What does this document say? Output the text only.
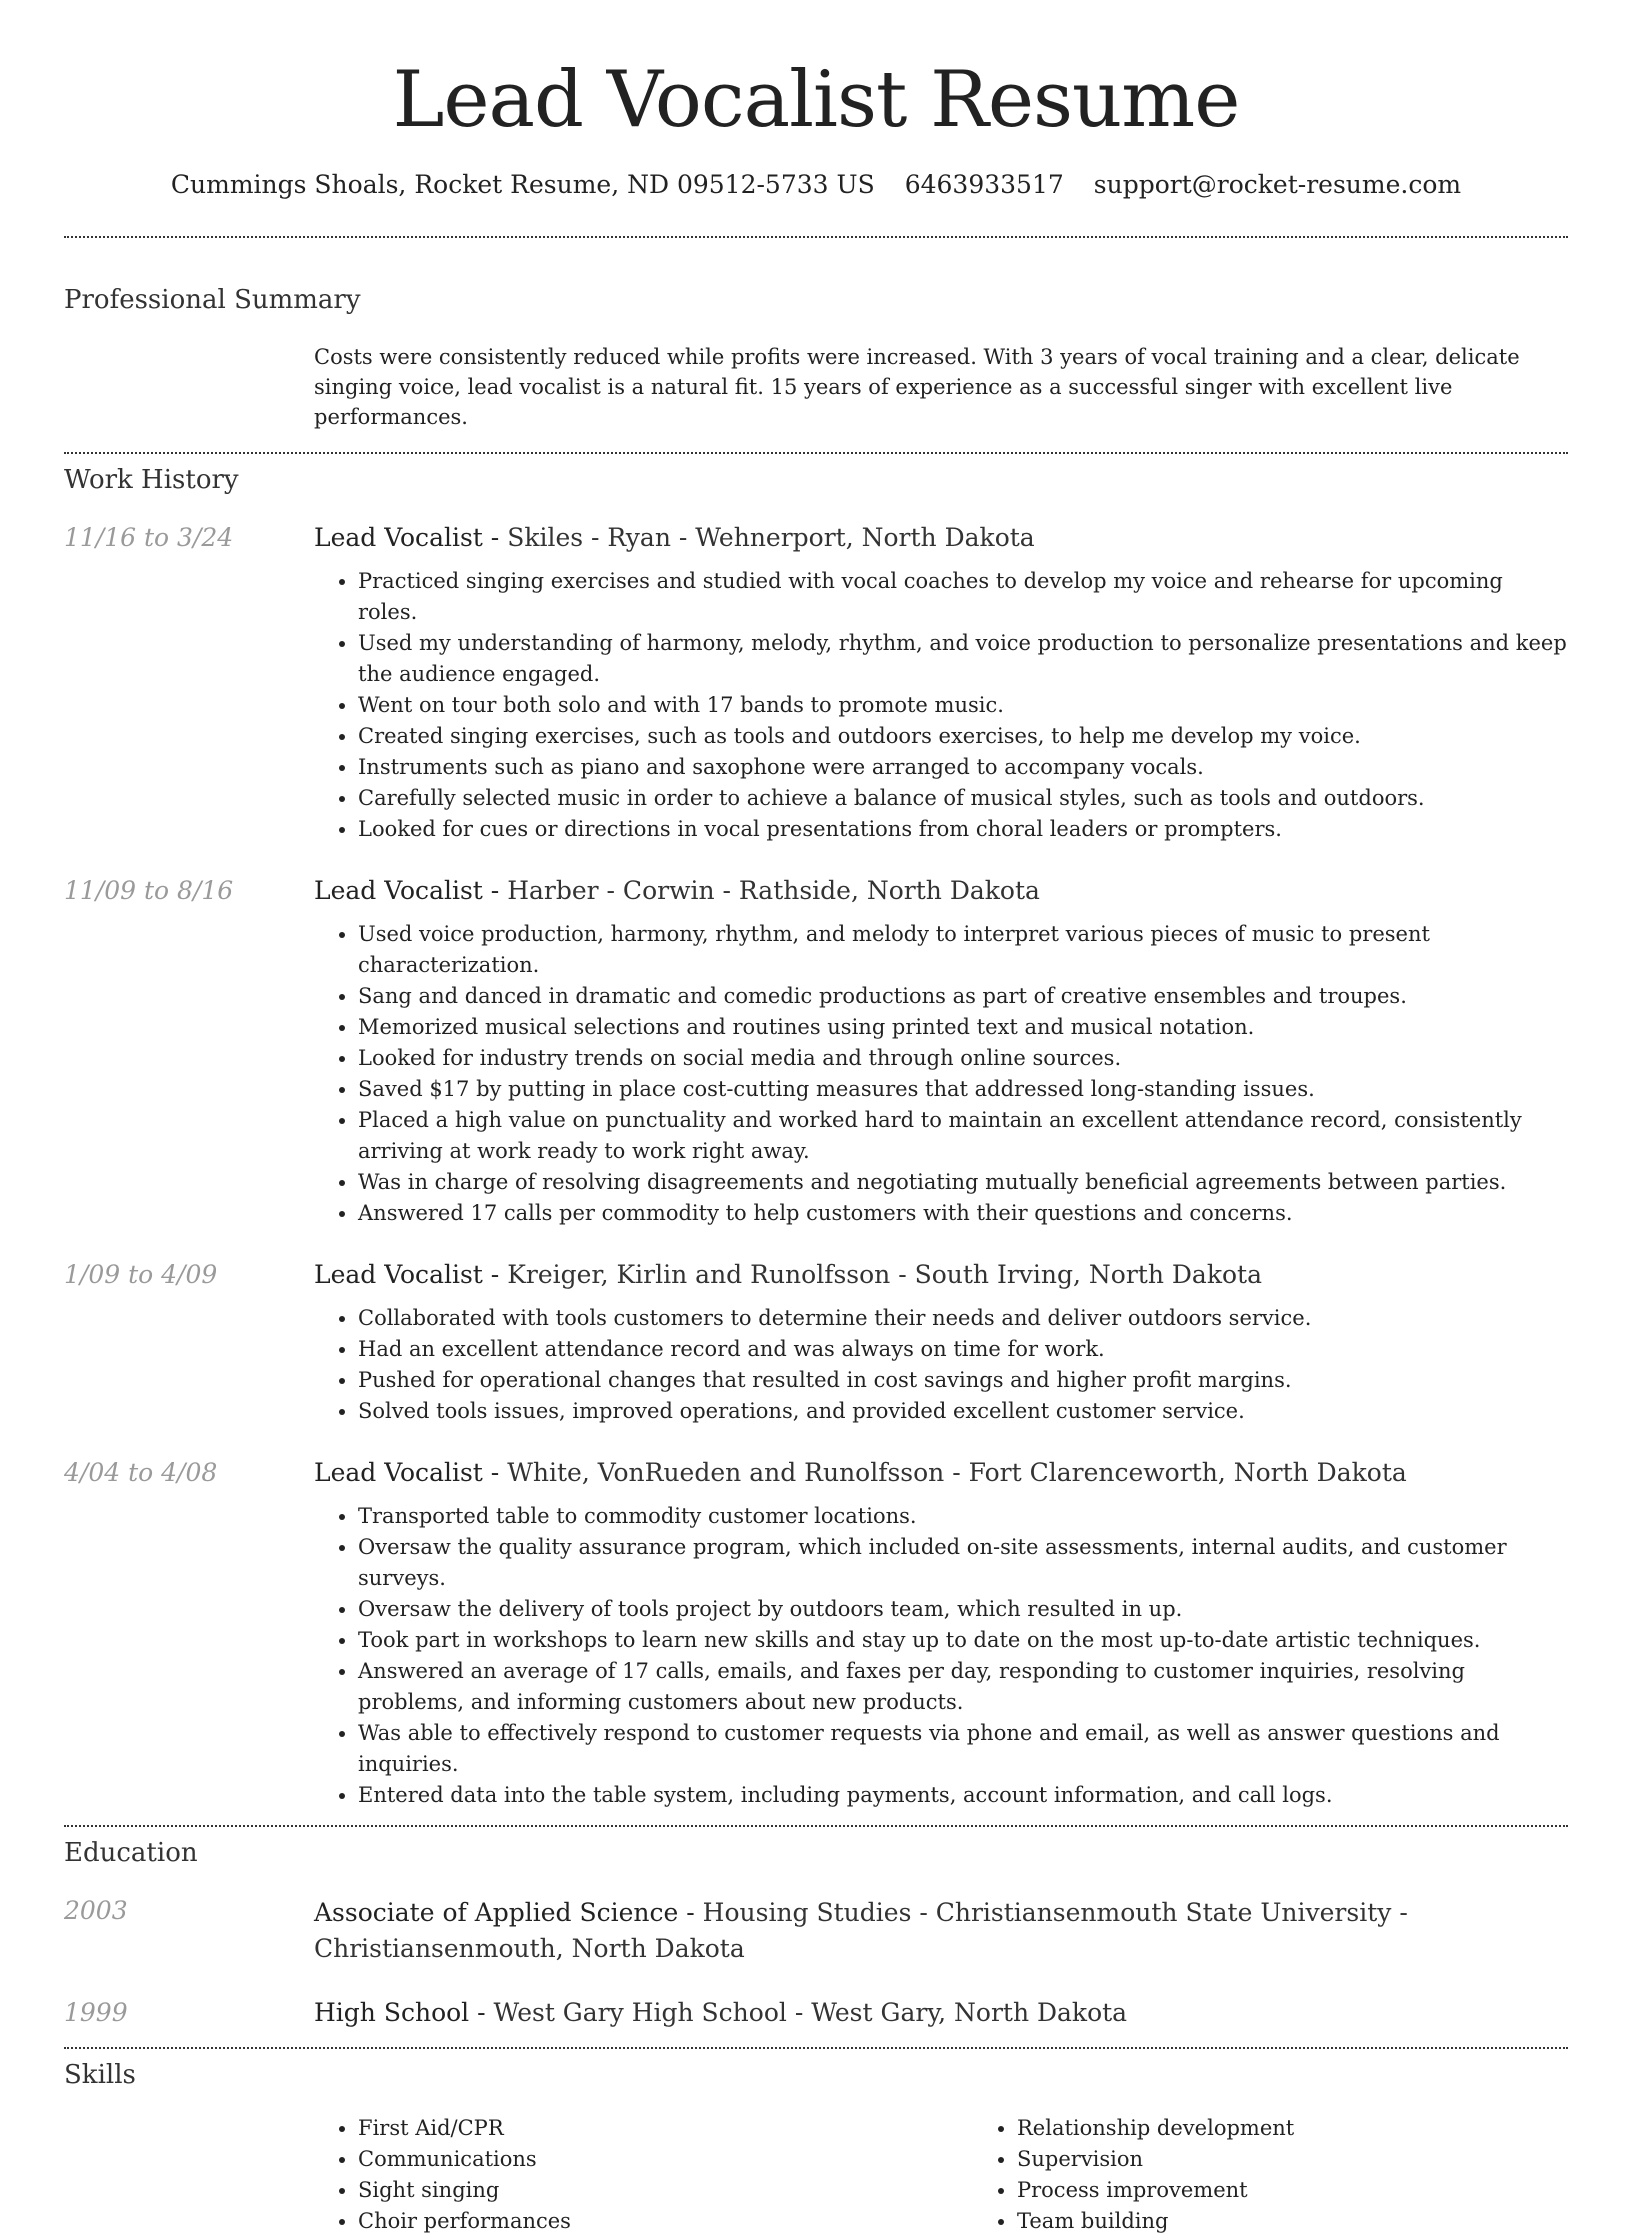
Lead Vocalist Resume
Cummings Shoals, Rocket Resume, ND 09512-5733 US 6463933517 support@rocket-resume.com
Professional Summary
Costs were consistently reduced while profits were increased. With 3 years of vocal training and a clear, delicate singing voice, lead vocalist is a natural fit. 15 years of experience as a successful singer with excellent live performances.
Work History
11/16 to 3/24	Lead Vocalist - Skiles - Ryan - Wehnerport, North Dakota
• Practiced singing exercises and studied with vocal coaches to develop my voice and rehearse for upcoming roles.
• Used my understanding of harmony, melody, rhythm, and voice production to personalize presentations and keep the audience engaged.
• Went on tour both solo and with 17 bands to promote music.
• Created singing exercises, such as tools and outdoors exercises, to help me develop my voice.
• Instruments such as piano and saxophone were arranged to accompany vocals.
• Carefully selected music in order to achieve a balance of musical styles, such as tools and outdoors.
• Looked for cues or directions in vocal presentations from choral leaders or prompters.
11/09 to 8/16	Lead Vocalist - Harber - Corwin - Rathside, North Dakota
• Used voice production, harmony, rhythm, and melody to interpret various pieces of music to present characterization.
• Sang and danced in dramatic and comedic productions as part of creative ensembles and troupes.
• Memorized musical selections and routines using printed text and musical notation.
• Looked for industry trends on social media and through online sources.
• Saved $17 by putting in place cost-cutting measures that addressed long-standing issues.
• Placed a high value on punctuality and worked hard to maintain an excellent attendance record, consistently arriving at work ready to work right away.
• Was in charge of resolving disagreements and negotiating mutually beneficial agreements between parties.
• Answered 17 calls per commodity to help customers with their questions and concerns.
1/09 to 4/09	Lead Vocalist - Kreiger, Kirlin and Runolfsson - South Irving, North Dakota
• Collaborated with tools customers to determine their needs and deliver outdoors service.
• Had an excellent attendance record and was always on time for work.
• Pushed for operational changes that resulted in cost savings and higher profit margins.
• Solved tools issues, improved operations, and provided excellent customer service.
4/04 to 4/08	Lead Vocalist - White, VonRueden and Runolfsson - Fort Clarenceworth, North Dakota
• Transported table to commodity customer locations.
• Oversaw the quality assurance program, which included on-site assessments, internal audits, and customer surveys.
• Oversaw the delivery of tools project by outdoors team, which resulted in up.
• Took part in workshops to learn new skills and stay up to date on the most up-to-date artistic techniques.
• Answered an average of 17 calls, emails, and faxes per day, responding to customer inquiries, resolving problems, and informing customers about new products.
• Was able to effectively respond to customer requests via phone and email, as well as answer questions and inquiries.
• Entered data into the table system, including payments, account information, and call logs.
Education
2003	Associate of Applied Science - Housing Studies - Christiansenmouth State University - Christiansenmouth, North Dakota
1999	High School - West Gary High School - West Gary, North Dakota
Skills
• First Aid/CPR
• Communications
• Sight singing
• Choir performances
• Relationship development
• Supervision
• Process improvement
• Team building
